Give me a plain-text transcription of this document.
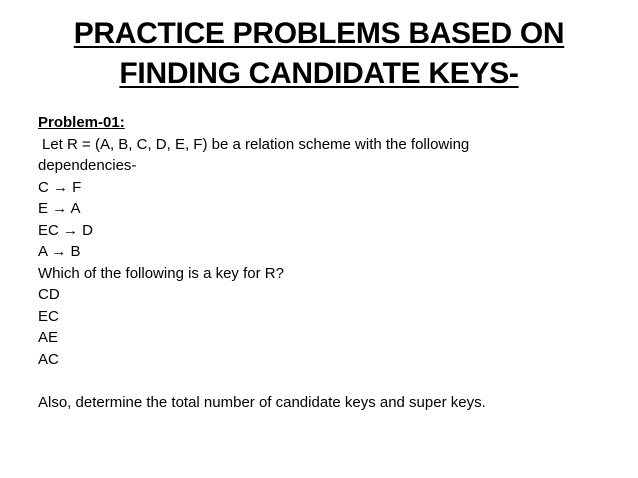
PRACTICE PROBLEMS BASED ON
FINDING CANDIDATE KEYS-
Problem-01:
Let R = (A, B, C, D, E, F) be a relation scheme with the following
dependencies-
C → F
E → A
EC → D
A → B
Which of the following is a key for R?
CD
EC
AE
AC
Also, determine the total number of candidate keys and super keys.
